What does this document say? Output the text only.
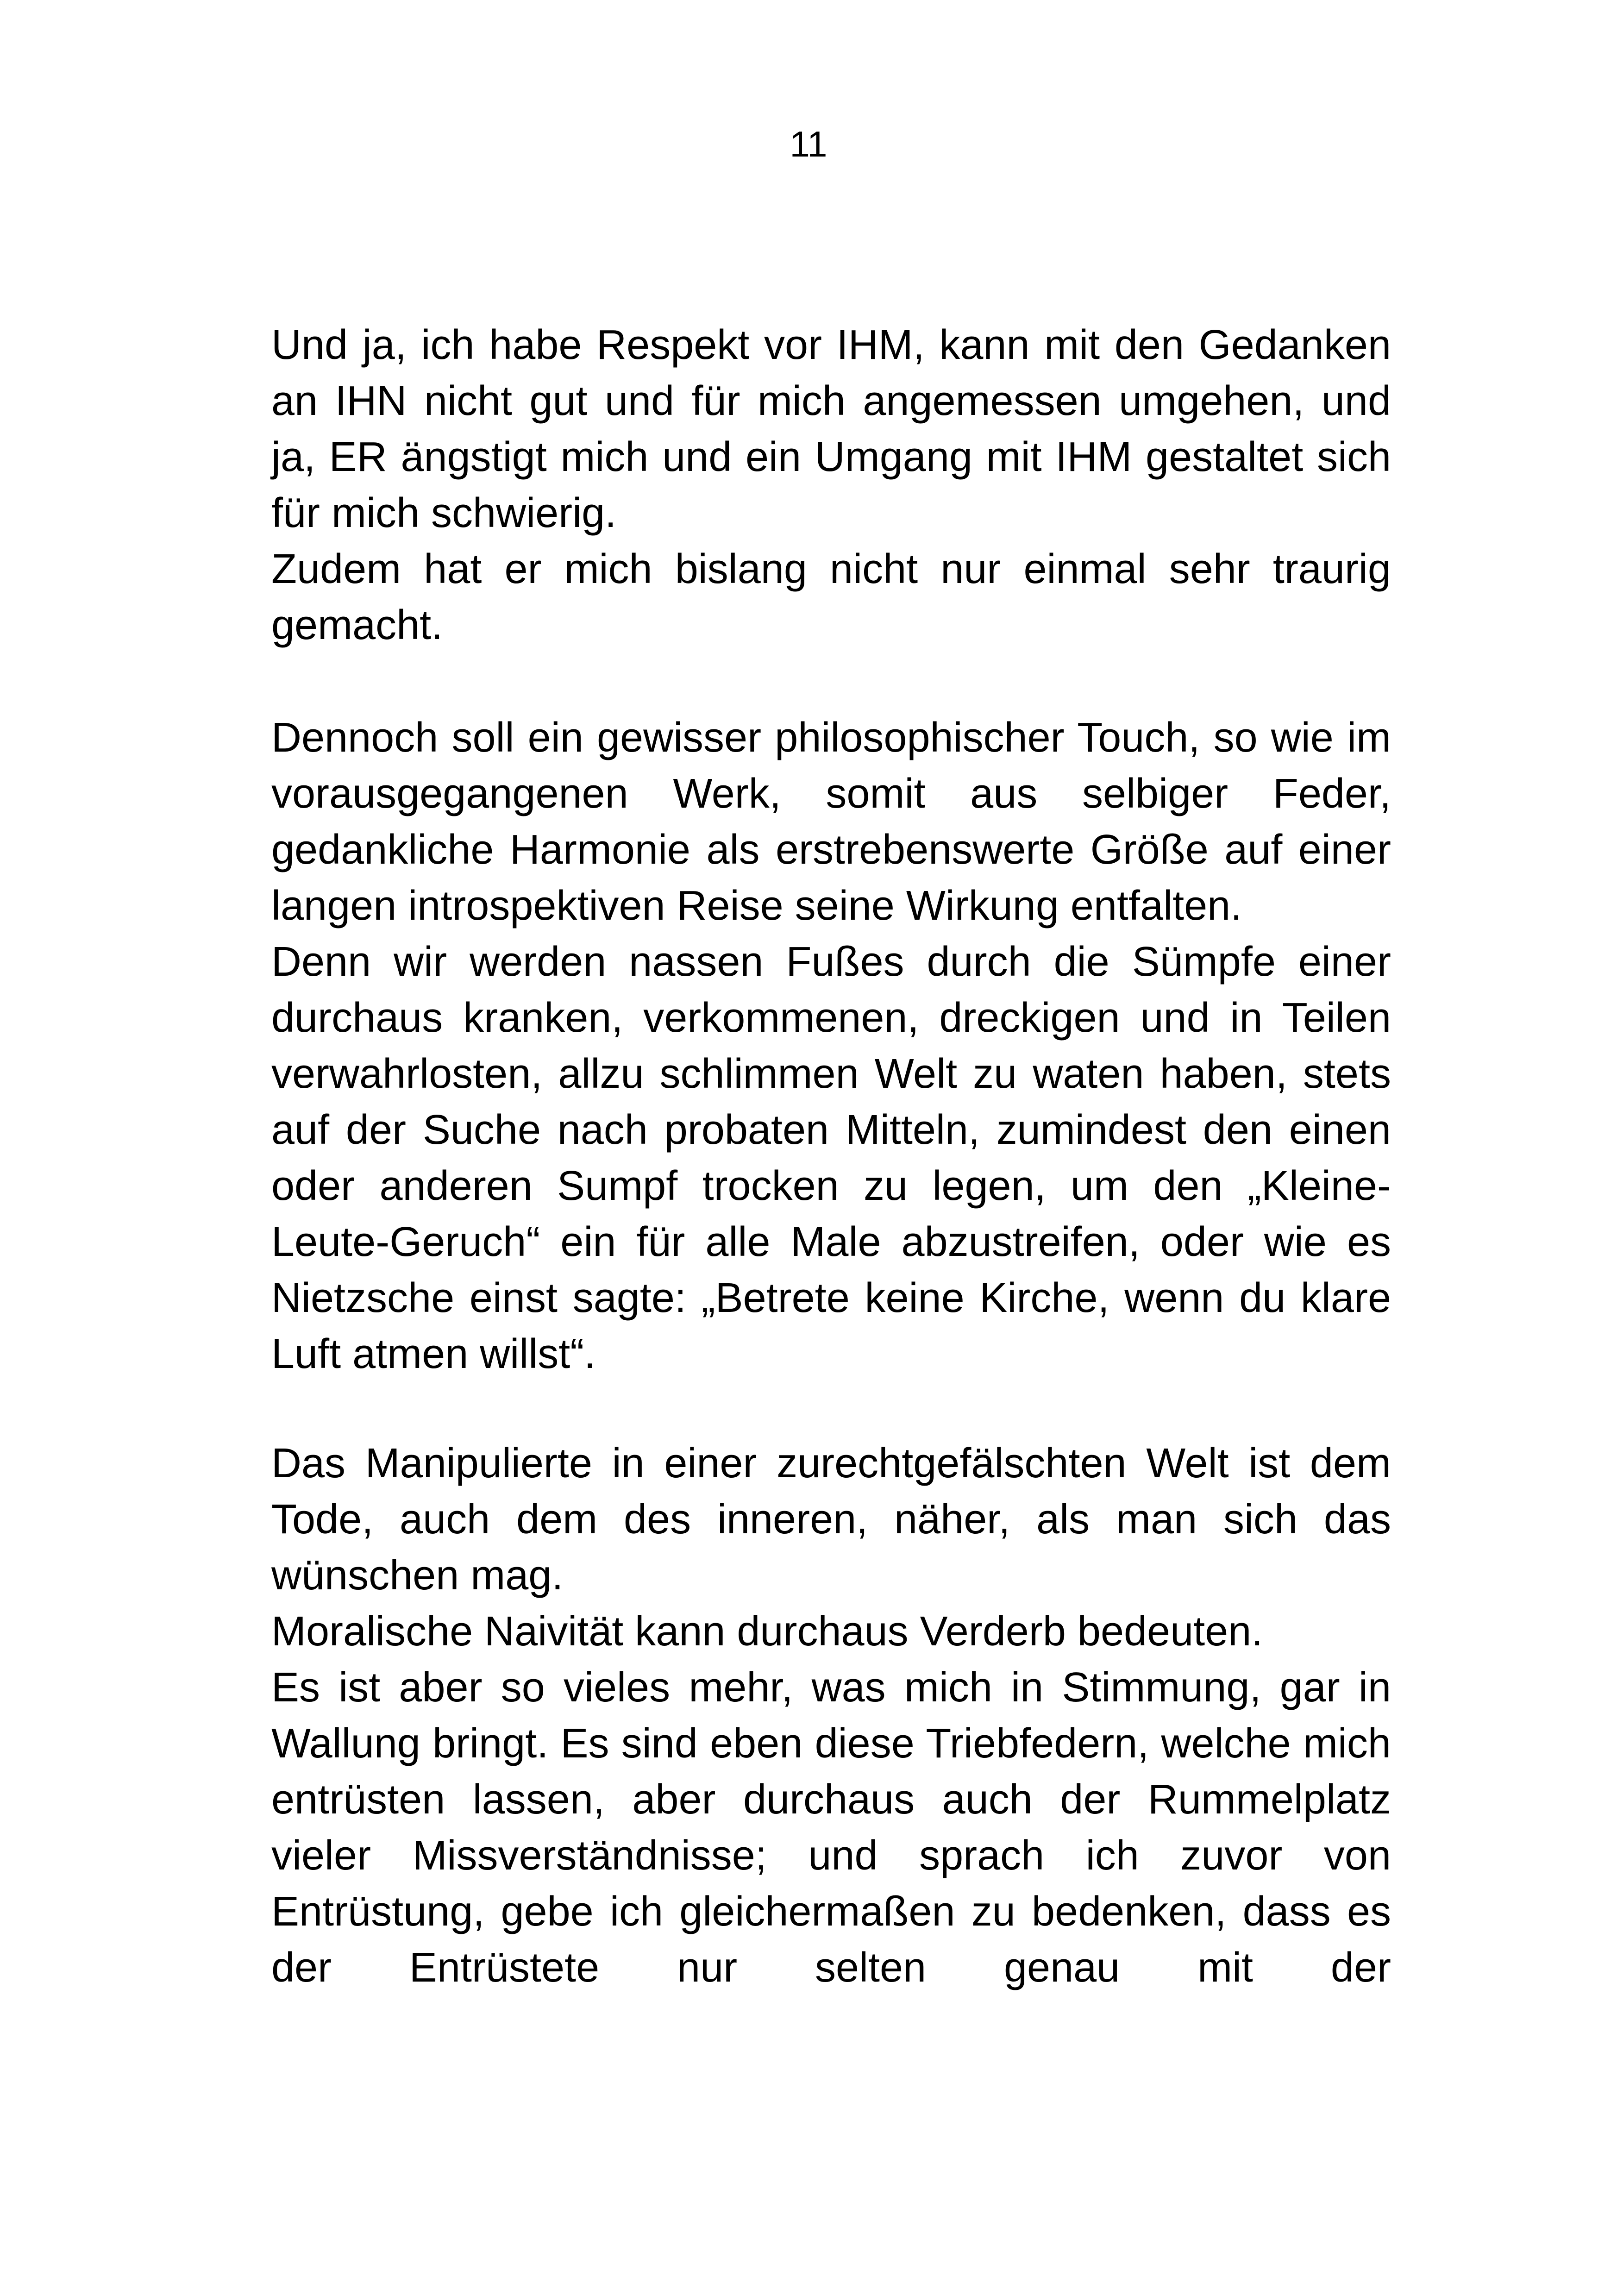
11

Und ja, ich habe Respekt vor IHM, kann mit den Gedanken an IHN nicht gut und für mich angemessen umgehen, und ja, ER ängstigt mich und ein Umgang mit IHM gestaltet sich für mich schwierig.

Zudem hat er mich bislang nicht nur einmal sehr traurig gemacht.

Dennoch soll ein gewisser philosophischer Touch, so wie im vorausgegangenen Werk, somit aus selbiger Feder, gedankliche Harmonie als erstrebenswerte Größe auf einer langen introspektiven Reise seine Wirkung entfalten.

Denn wir werden nassen Fußes durch die Sümpfe einer durchaus kranken, verkommenen, dreckigen und in Teilen verwahrlosten, allzu schlimmen Welt zu waten haben, stets auf der Suche nach probaten Mitteln, zumindest den einen oder anderen Sumpf trocken zu legen, um den „Kleine-Leute-Geruch“ ein für alle Male abzustreifen, oder wie es Nietzsche einst sagte: „Betrete keine Kirche, wenn du klare Luft atmen willst“.

Das Manipulierte in einer zurechtgefälschten Welt ist dem Tode, auch dem des inneren, näher, als man sich das wünschen mag.

Moralische Naivität kann durchaus Verderb bedeuten.

Es ist aber so vieles mehr, was mich in Stimmung, gar in Wallung bringt. Es sind eben diese Triebfedern, welche mich entrüsten lassen, aber durchaus auch der Rummelplatz vieler Missverständnisse; und sprach ich zuvor von Entrüstung, gebe ich gleichermaßen zu bedenken, dass es der Entrüstete nur selten genau mit der
